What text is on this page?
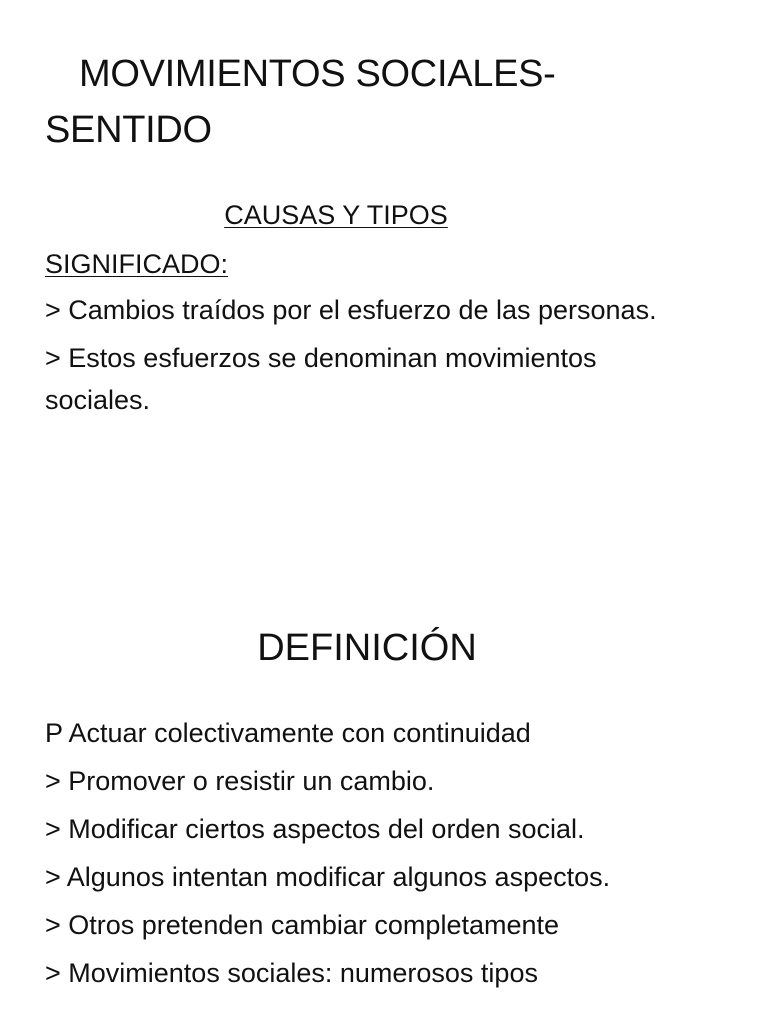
MOVIMIENTOS SOCIALES-
SENTIDO
CAUSAS Y TIPOS
SIGNIFICADO:
> Cambios traídos por el esfuerzo de las personas.
> Estos esfuerzos se denominan movimientos sociales.
DEFINICIÓN
P Actuar colectivamente con continuidad
> Promover o resistir un cambio.
> Modificar ciertos aspectos del orden social.
> Algunos intentan modificar algunos aspectos.
> Otros pretenden cambiar completamente
> Movimientos sociales: numerosos tipos
